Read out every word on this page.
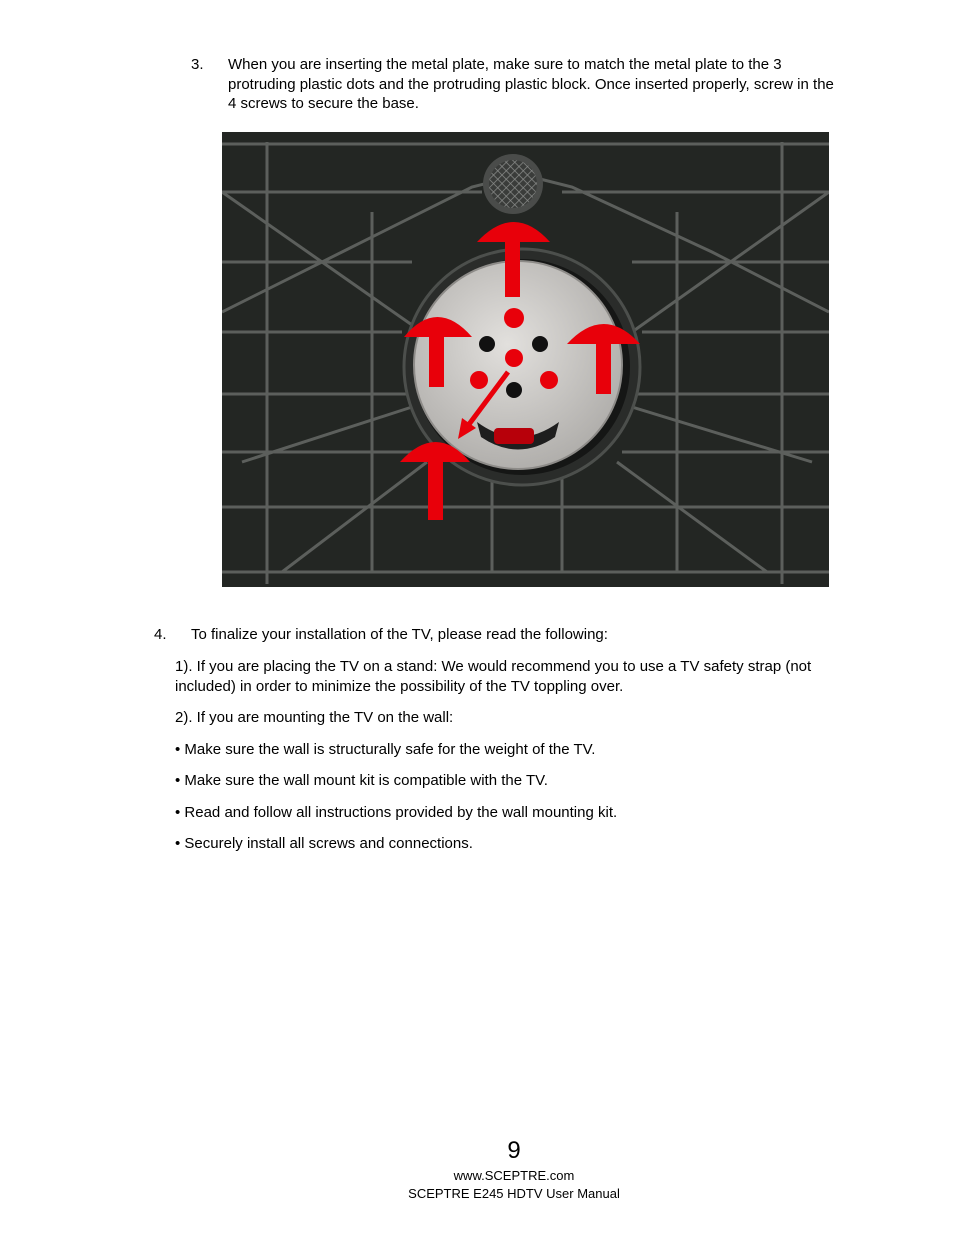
3. When you are inserting the metal plate, make sure to match the metal plate to the 3 protruding plastic dots and the protruding plastic block. Once inserted properly, screw in the 4 screws to secure the base.
4. To finalize your installation of the TV, please read the following:
1). If you are placing the TV on a stand: We would recommend you to use a TV safety strap (not included) in order to minimize the possibility of the TV toppling over.
2). If you are mounting the TV on the wall:
• Make sure the wall is structurally safe for the weight of the TV.
• Make sure the wall mount kit is compatible with the TV.
• Read and follow all instructions provided by the wall mounting kit.
• Securely install all screws and connections.
9
www.SCEPTRE.com
SCEPTRE E245 HDTV User Manual
